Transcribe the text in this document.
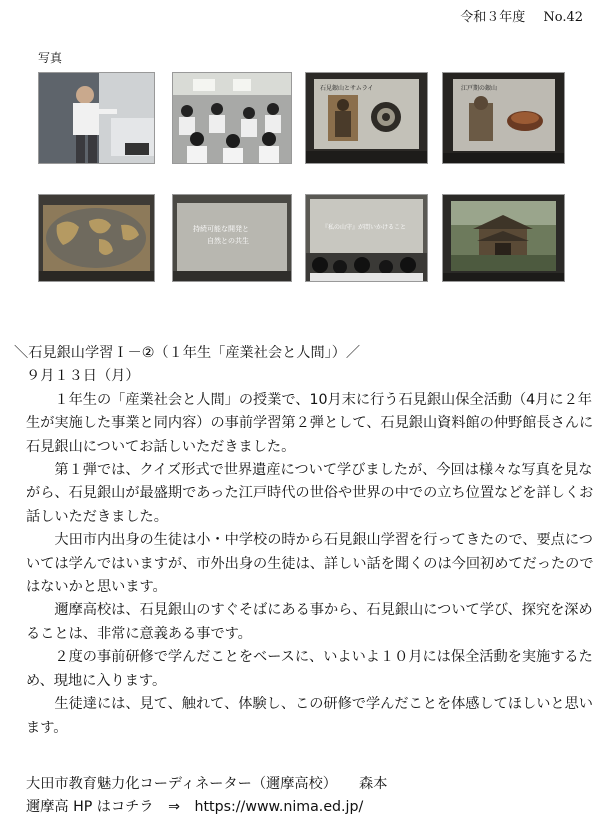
令和３年度 No.42
写真
石見銀山とサムライ	江戸期の銀山
持続可能な開発と
自然との共生
『私の山守』が問いかけること

＼石見銀山学習Ｉ－②（１年生「産業社会と人間」）／

９月１３日（月）

１年生の「産業社会と人間」の授業で、10月末に行う石見銀山保全活動（4月に２年生が実施した事業と同内容）の事前学習第２弾として、石見銀山資料館の仲野館長さんに石見銀山についてお話しいただきました。

第１弾では、クイズ形式で世界遺産について学びましたが、今回は様々な写真を見ながら、石見銀山が最盛期であった江戸時代の世俗や世界の中での立ち位置などを詳しくお話しいただきました。

大田市内出身の生徒は小・中学校の時から石見銀山学習を行ってきたので、要点については学んではいますが、市外出身の生徒は、詳しい話を聞くのは今回初めてだったのではないかと思います。

邇摩高校は、石見銀山のすぐそばにある事から、石見銀山について学び、探究を深めることは、非常に意義ある事です。

２度の事前研修で学んだことをベースに、いよいよ１０月には保全活動を実施するため、現地に入ります。

生徒達には、見て、触れて、体験し、この研修で学んだことを体感してほしいと思います。

大田市教育魅力化コーディネーター（邇摩高校） 森本
邇摩高 HP はコチラ ⇒ https://www.nima.ed.jp/
